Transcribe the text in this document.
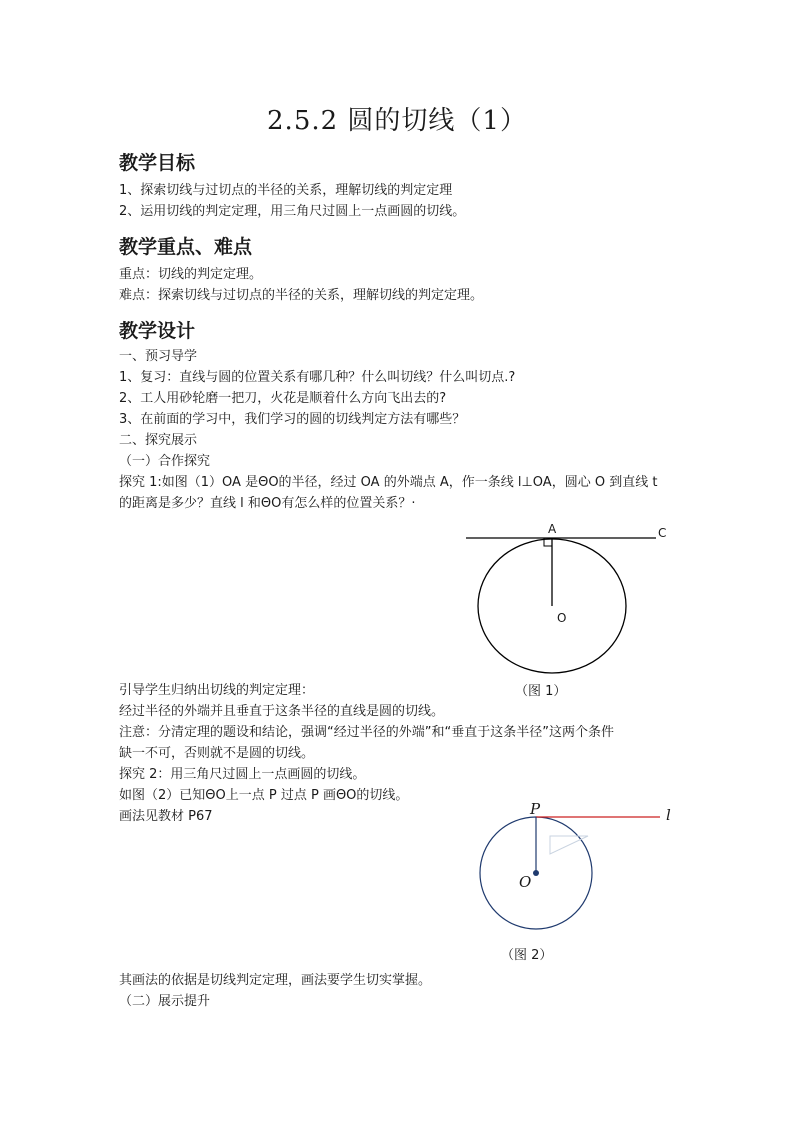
2.5.2 圆的切线（1）
教学目标
1、探索切线与过切点的半径的关系，理解切线的判定定理
2、运用切线的判定定理，用三角尺过圆上一点画圆的切线。
教学重点、难点
重点：切线的判定定理。
难点：探索切线与过切点的半径的关系，理解切线的判定定理。
教学设计
一、预习导学
1、复习：直线与圆的位置关系有哪几种？什么叫切线？什么叫切点.?
2、工人用砂轮磨一把刀，火花是顺着什么方向飞出去的?
3、在前面的学习中，我们学习的圆的切线判定方法有哪些？
二、探究展示
（一）合作探究
探究 1:如图（1）OA 是ΘO的半径，经过 OA 的外端点 A，作一条线 l⊥OA，圆心 O 到直线 t
的距离是多少？直线 l 和ΘO有怎么样的位置关系？·
A	C
O
引导学生归纳出切线的判定定理：	（图 1）
经过半径的外端并且垂直于这条半径的直线是圆的切线。
注意：分清定理的题设和结论，强调“经过半径的外端”和“垂直于这条半径”这两个条件
缺一不可，否则就不是圆的切线。
探究 2：用三角尺过圆上一点画圆的切线。
如图（2）已知ΘO上一点 P 过点 P 画ΘO的切线。
画法见教材 P67	P	l
O
（图 2）
其画法的依据是切线判定定理，画法要学生切实掌握。
（二）展示提升
